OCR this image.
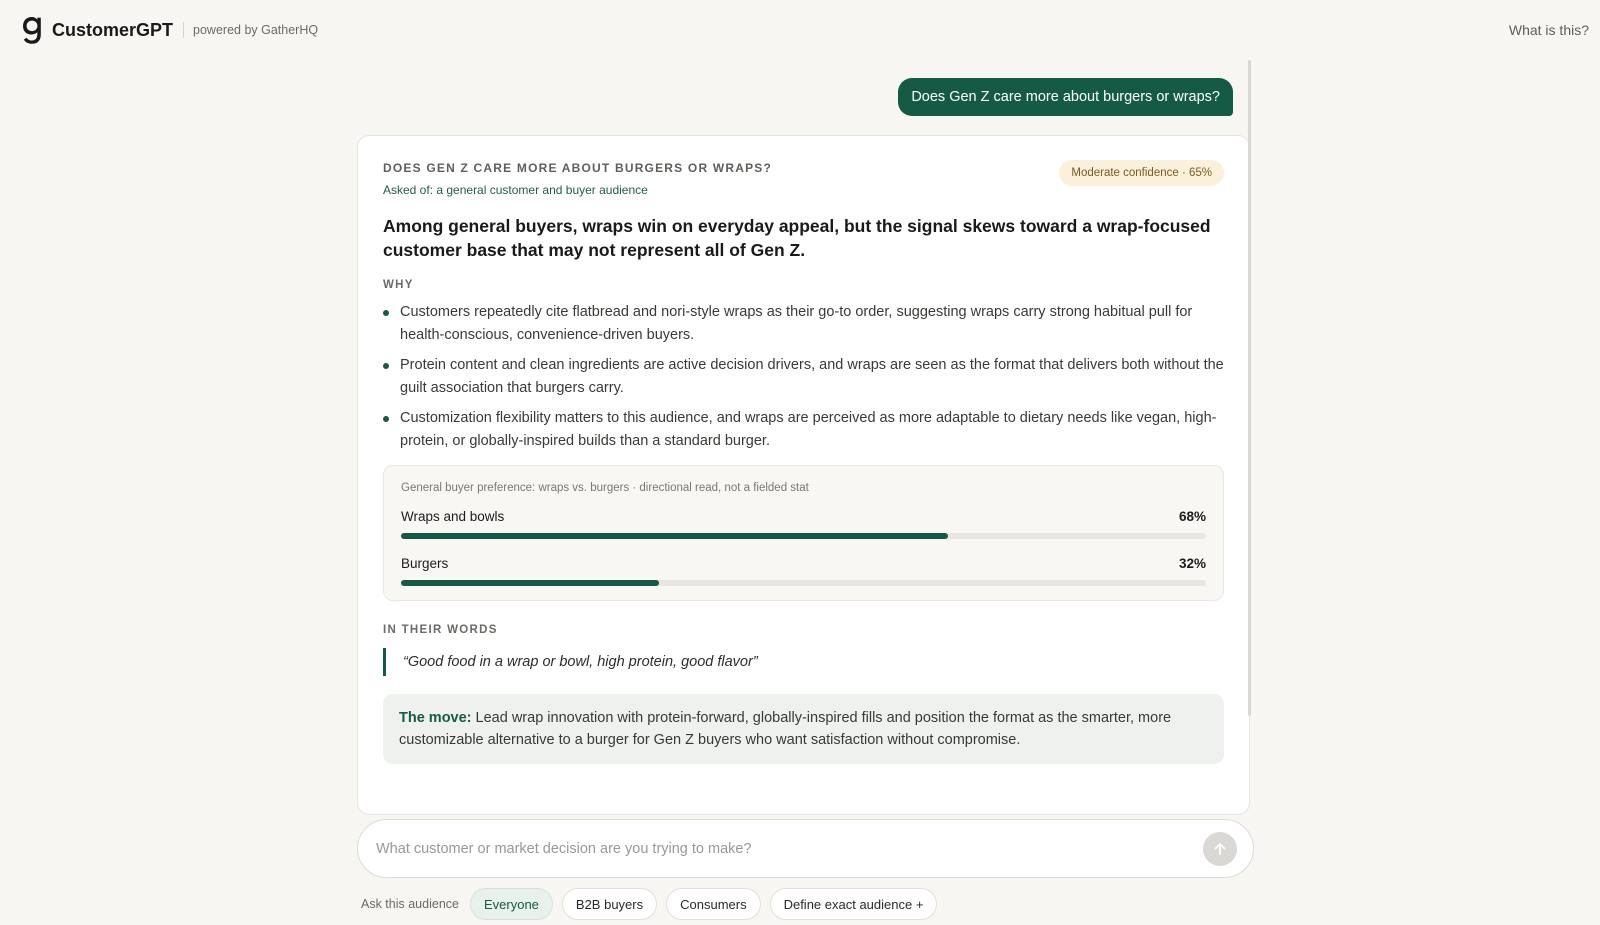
CustomerGPT powered by GatherHQ	What is this?
Does Gen Z care more about burgers or wraps?
DOES GEN Z CARE MORE ABOUT BURGERS OR WRAPS?
Asked of: a general customer and buyer audience
Moderate confidence · 65%
Among general buyers, wraps win on everyday appeal, but the signal skews toward a wrap-focused customer base that may not represent all of Gen Z.
WHY
Customers repeatedly cite flatbread and nori-style wraps as their go-to order, suggesting wraps carry strong habitual pull for health-conscious, convenience-driven buyers.
Protein content and clean ingredients are active decision drivers, and wraps are seen as the format that delivers both without the guilt association that burgers carry.
Customization flexibility matters to this audience, and wraps are perceived as more adaptable to dietary needs like vegan, high-protein, or globally-inspired builds than a standard burger.
General buyer preference: wraps vs. burgers · directional read, not a fielded stat
Wraps and bowls	68%
Burgers	32%
IN THEIR WORDS
“Good food in a wrap or bowl, high protein, good flavor”
The move: Lead wrap innovation with protein-forward, globally-inspired fills and position the format as the smarter, more customizable alternative to a burger for Gen Z buyers who want satisfaction without compromise.
What customer or market decision are you trying to make?
Ask this audience	Everyone	B2B buyers	Consumers	Define exact audience +
